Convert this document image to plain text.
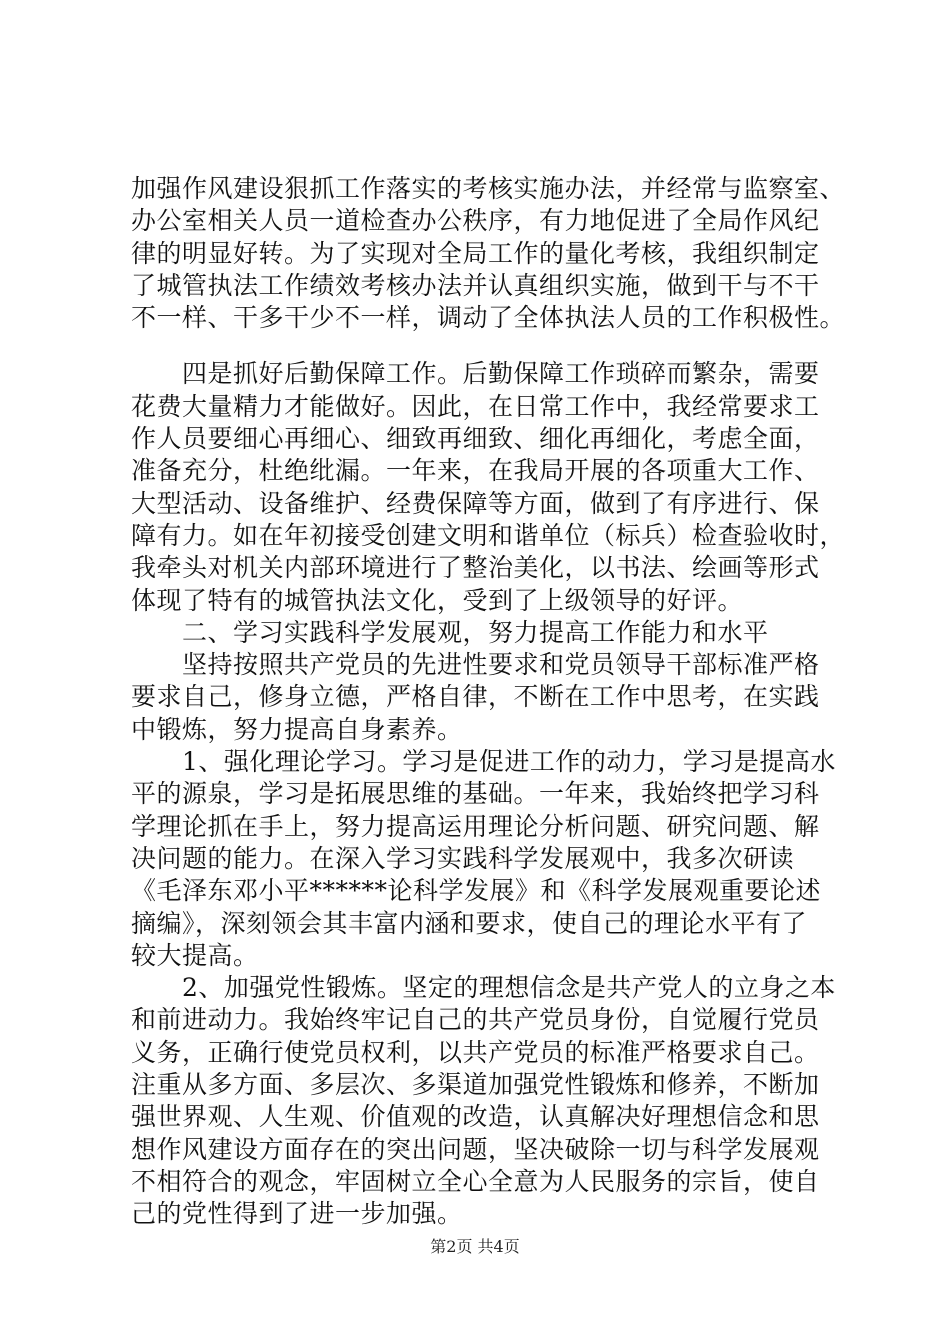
加强作风建设狠抓工作落实的考核实施办法，并经常与监察室、
办公室相关人员一道检查办公秩序，有力地促进了全局作风纪
律的明显好转。为了实现对全局工作的量化考核，我组织制定
了城管执法工作绩效考核办法并认真组织实施，做到干与不干
不一样、干多干少不一样，调动了全体执法人员的工作积极性。
　　四是抓好后勤保障工作。后勤保障工作琐碎而繁杂，需要
花费大量精力才能做好。因此，在日常工作中，我经常要求工
作人员要细心再细心、细致再细致、细化再细化，考虑全面，
准备充分，杜绝纰漏。一年来，在我局开展的各项重大工作、
大型活动、设备维护、经费保障等方面，做到了有序进行、保
障有力。如在年初接受创建文明和谐单位（标兵）检查验收时，
我牵头对机关内部环境进行了整治美化，以书法、绘画等形式
体现了特有的城管执法文化，受到了上级领导的好评。
　　二、学习实践科学发展观，努力提高工作能力和水平
　　坚持按照共产党员的先进性要求和党员领导干部标准严格
要求自己，修身立德，严格自律，不断在工作中思考，在实践
中锻炼，努力提高自身素养。
　　1、强化理论学习。学习是促进工作的动力，学习是提高水
平的源泉，学习是拓展思维的基础。一年来，我始终把学习科
学理论抓在手上，努力提高运用理论分析问题、研究问题、解
决问题的能力。在深入学习实践科学发展观中，我多次研读
《毛泽东邓小平******论科学发展》和《科学发展观重要论述
摘编》，深刻领会其丰富内涵和要求，使自己的理论水平有了
较大提高。
　　2、加强党性锻炼。坚定的理想信念是共产党人的立身之本
和前进动力。我始终牢记自己的共产党员身份，自觉履行党员
义务，正确行使党员权利，以共产党员的标准严格要求自己。
注重从多方面、多层次、多渠道加强党性锻炼和修养，不断加
强世界观、人生观、价值观的改造，认真解决好理想信念和思
想作风建设方面存在的突出问题，坚决破除一切与科学发展观
不相符合的观念，牢固树立全心全意为人民服务的宗旨，使自
己的党性得到了进一步加强。
第2页 共4页
